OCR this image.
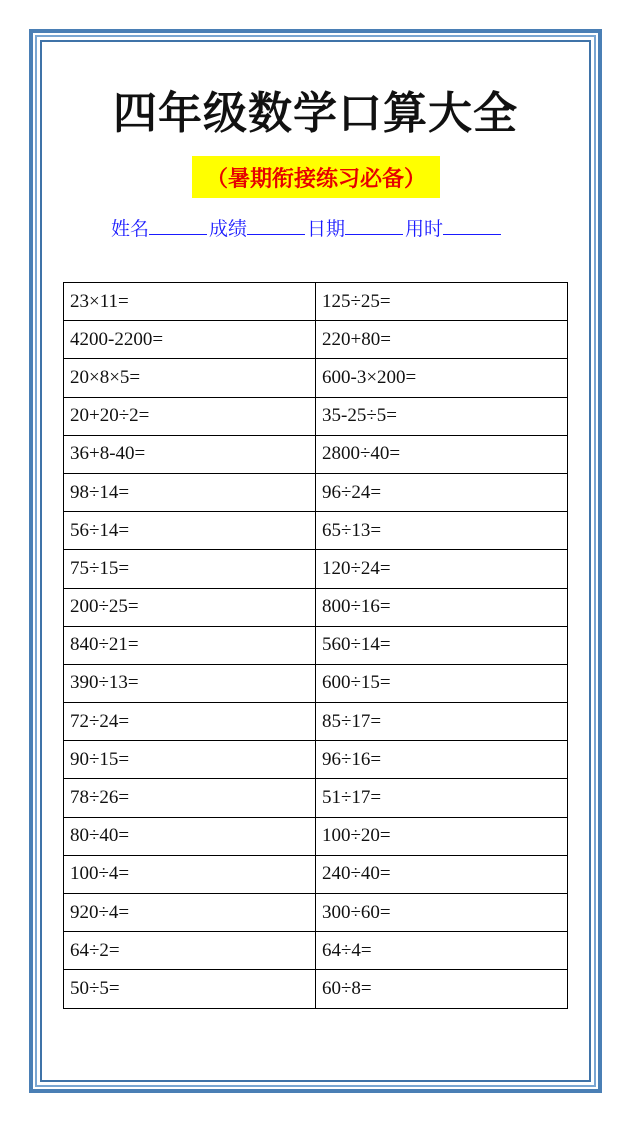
四年级数学口算大全
（暑期衔接练习必备）
姓名	成绩	日期	用时
23×11=	125÷25=
4200-2200=	220+80=
20×8×5=	600-3×200=
20+20÷2=	35-25÷5=
36+8-40=	2800÷40=
98÷14=	96÷24=
56÷14=	65÷13=
75÷15=	120÷24=
200÷25=	800÷16=
840÷21=	560÷14=
390÷13=	600÷15=
72÷24=	85÷17=
90÷15=	96÷16=
78÷26=	51÷17=
80÷40=	100÷20=
100÷4=	240÷40=
920÷4=	300÷60=
64÷2=	64÷4=
50÷5=	60÷8=
